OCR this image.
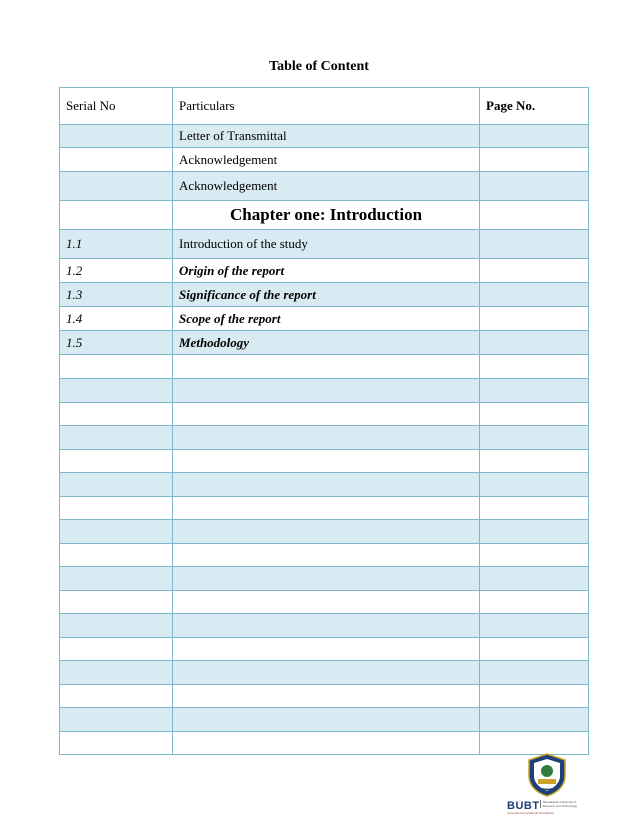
Table of Content
Serial No	Particulars	Page No.
	Letter of Transmittal	
	Acknowledgement	
	Acknowledgement	
	Chapter one: Introduction	
1.1	Introduction of the study	
1.2	Origin of the report	
1.3	Significance of the report	
1.4	Scope of the report	
1.5	Methodology	

BUBT	Bangladesh University of Business and Technology
Committed to Academic Excellence
